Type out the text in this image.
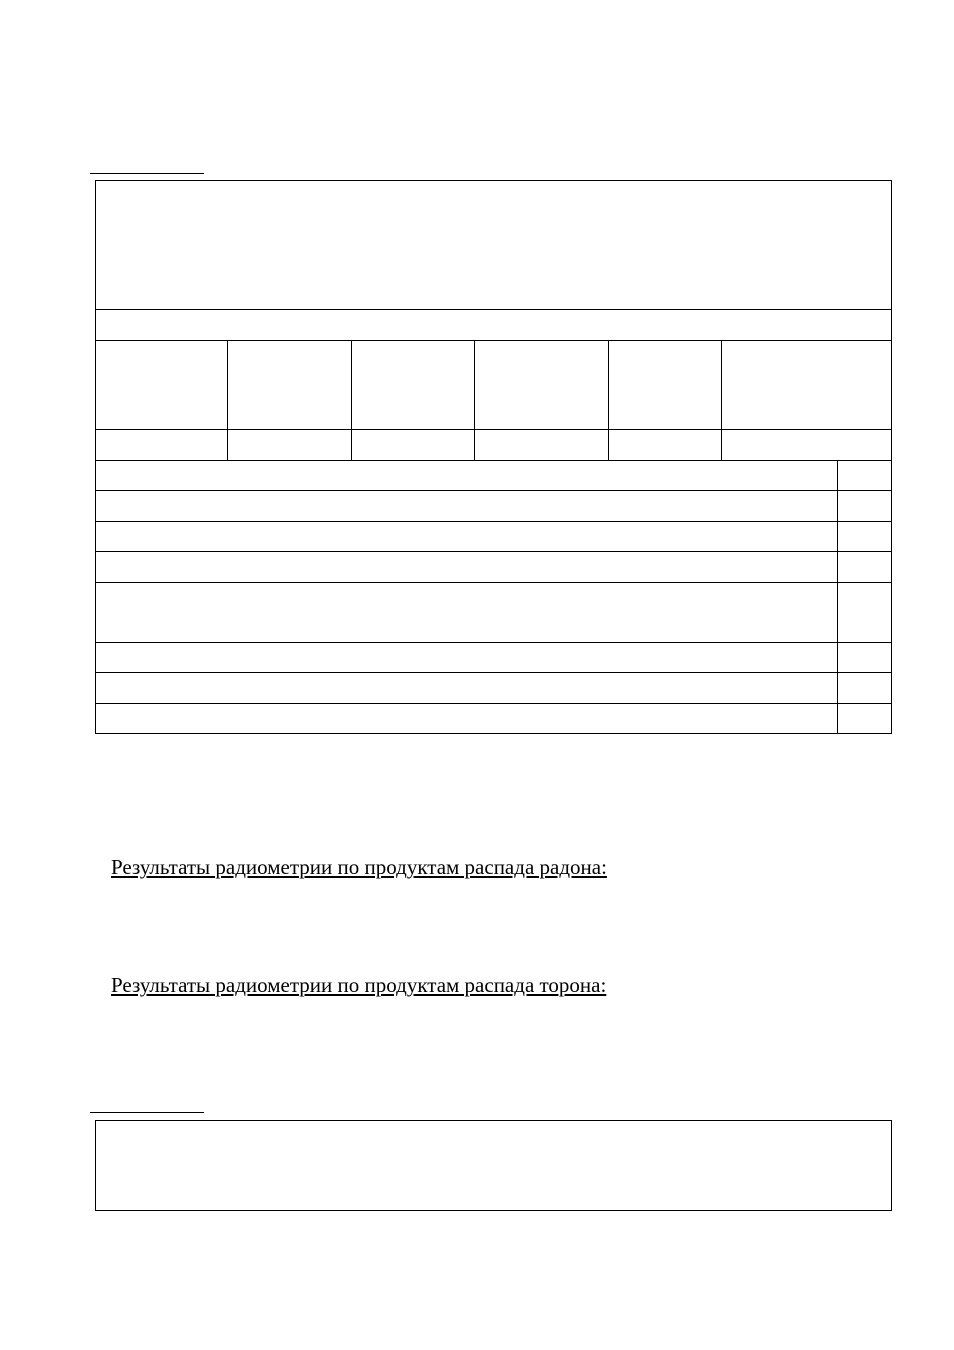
Результаты радиометрии по продуктам распада радона:
Результаты радиометрии по продуктам распада торона:
